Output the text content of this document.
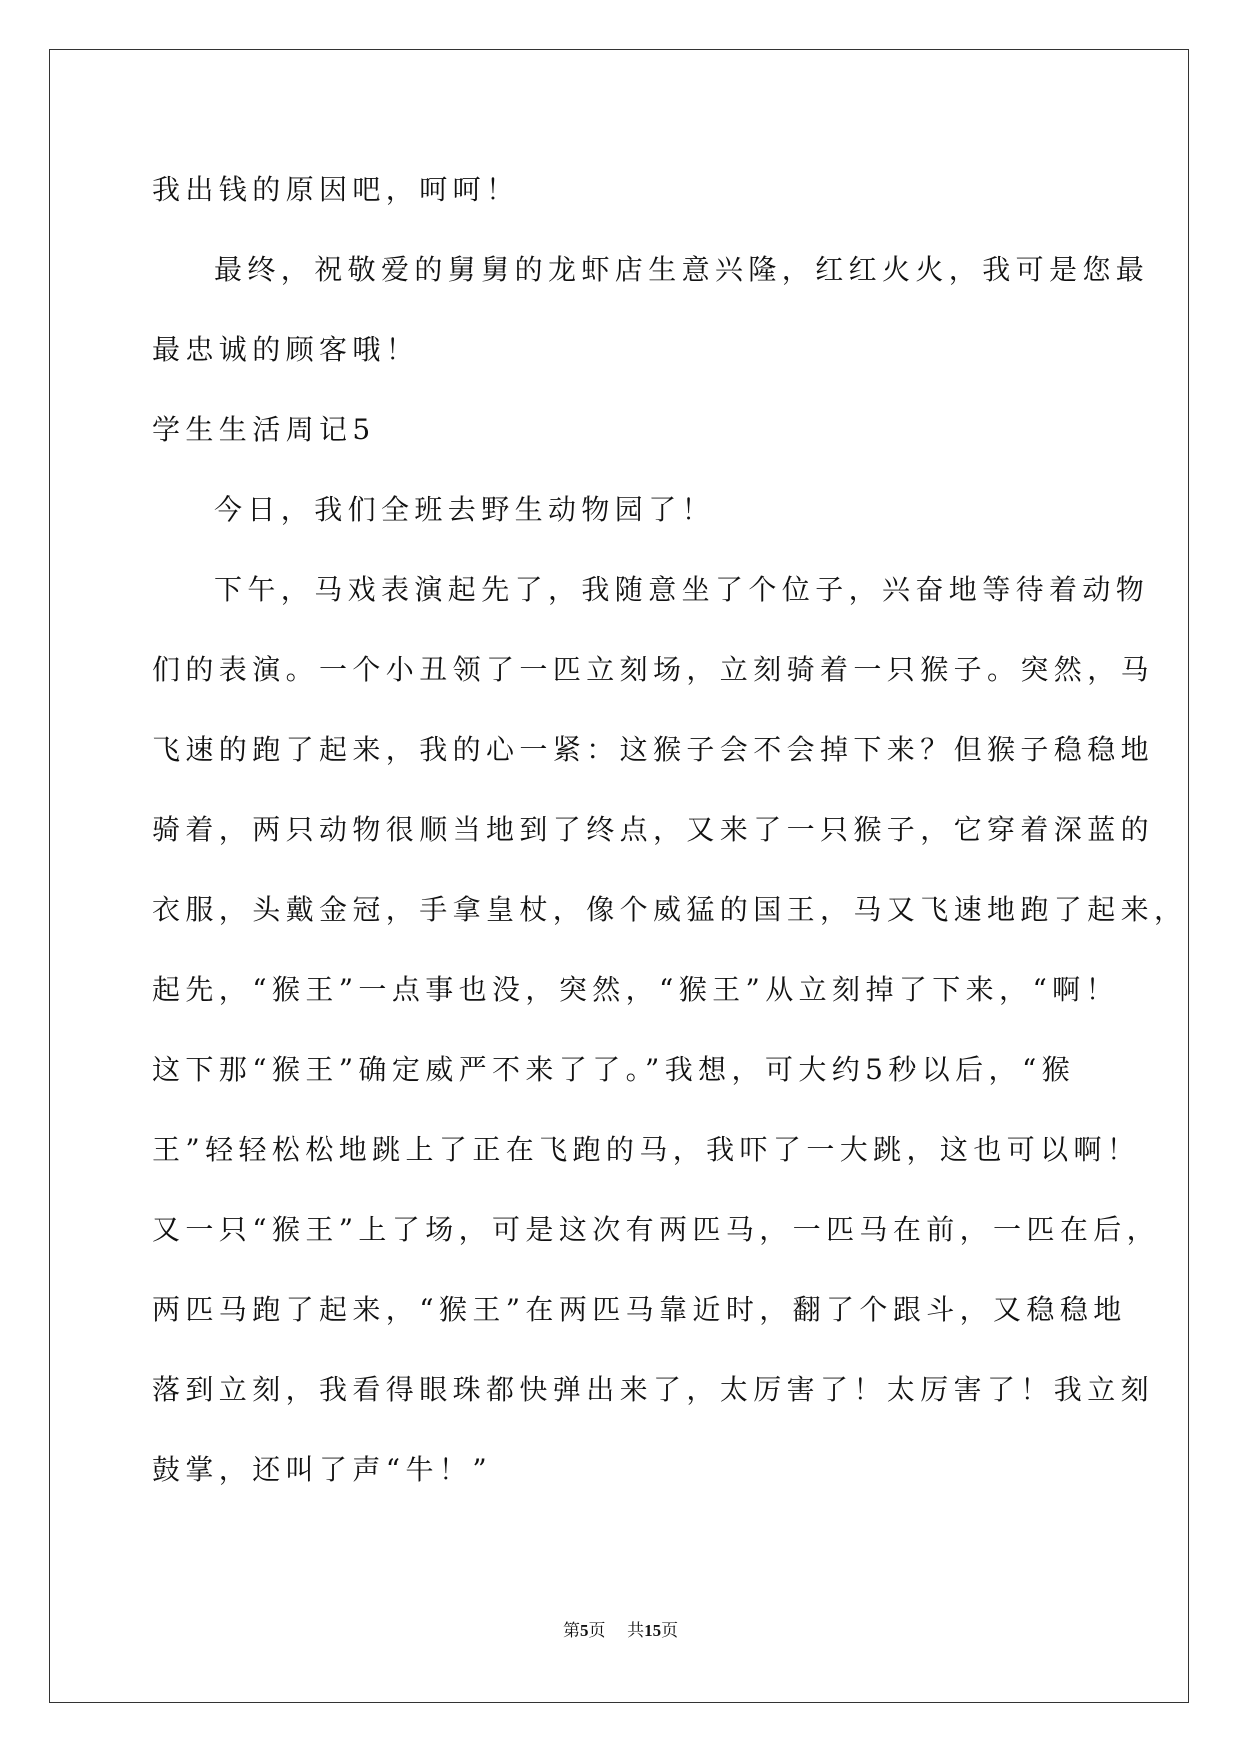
我出钱的原因吧，呵呵！

最终，祝敬爱的舅舅的龙虾店生意兴隆，红红火火，我可是您最

最忠诚的顾客哦！

学生生活周记5

今日，我们全班去野生动物园了！

下午，马戏表演起先了，我随意坐了个位子，兴奋地等待着动物

们的表演。一个小丑领了一匹立刻场，立刻骑着一只猴子。突然，马

飞速的跑了起来，我的心一紧：这猴子会不会掉下来？但猴子稳稳地

骑着，两只动物很顺当地到了终点，又来了一只猴子，它穿着深蓝的

衣服，头戴金冠，手拿皇杖，像个威猛的国王，马又飞速地跑了起来，

起先，“猴王”一点事也没，突然，“猴王”从立刻掉了下来，“啊！

这下那“猴王”确定威严不来了了。”我想，可大约5秒以后，“猴

王”轻轻松松地跳上了正在飞跑的马，我吓了一大跳，这也可以啊！

又一只“猴王”上了场，可是这次有两匹马，一匹马在前，一匹在后，

两匹马跑了起来，“猴王”在两匹马靠近时，翻了个跟斗，又稳稳地

落到立刻，我看得眼珠都快弹出来了，太厉害了！太厉害了！我立刻

鼓掌，还叫了声“牛！”

第5页 共15页
